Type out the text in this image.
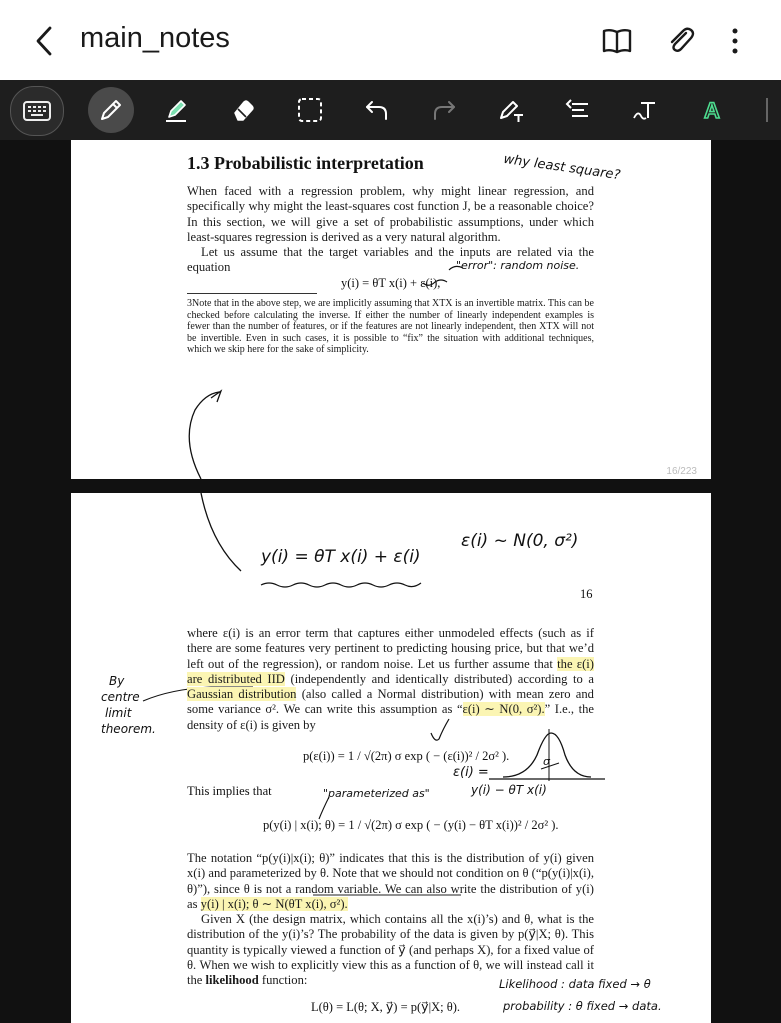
main_notes
A
1.3 Probabilistic interpretation

When faced with a regression problem, why might linear regression, and specifically why might the least-squares cost function J, be a reasonable choice? In this section, we will give a set of probabilistic assumptions, under which least-squares regression is derived as a very natural algorithm.

Let us assume that the target variables and the inputs are related via the equation

y(i) = θT x(i) + ε(i),
3Note that in the above step, we are implicitly assuming that XTX is an invertible matrix. This can be checked before calculating the inverse. If either the number of linearly independent examples is fewer than the number of features, or if the features are not linearly independent, then XTX will not be invertible. Even in such cases, it is possible to “fix” the situation with additional techniques, which we skip here for the sake of simplicity.
16/223
why least square?
"error": random noise.
y(i) = θT x(i) + ε(i)
ε(i) ~ N(0, σ²)
16
By
centre
limit
theorem.

where ε(i) is an error term that captures either unmodeled effects (such as if there are some features very pertinent to predicting housing price, but that we’d left out of the regression), or random noise. Let us further assume that the ε(i) are distributed IID (independently and identically distributed) according to a Gaussian distribution (also called a Normal distribution) with mean zero and some variance σ². We can write this assumption as “ε(i) ∼ N(0, σ²).” I.e., the density of ε(i) is given by

p(ε(i)) = 1 / √(2π) σ exp ( − (ε(i))² / 2σ² ).
ε(i) =
y(i) − θT x(i)
σ
This implies that	"parameterized as"
p(y(i) | x(i); θ) = 1 / √(2π) σ exp ( − (y(i) − θT x(i))² / 2σ² ).

The notation “p(y(i)|x(i); θ)” indicates that this is the distribution of y(i) given x(i) and parameterized by θ. Note that we should not condition on θ (“p(y(i)|x(i), θ)”), since θ is not a random variable. We can also write the distribution of y(i) as y(i) | x(i); θ ∼ N(θT x(i), σ²).

Given X (the design matrix, which contains all the x(i)’s) and θ, what is the distribution of the y(i)’s? The probability of the data is given by p(y⃗|X; θ). This quantity is typically viewed a function of y⃗ (and perhaps X), for a fixed value of θ. When we wish to explicitly view this as a function of θ, we will instead call it the likelihood function:

L(θ) = L(θ; X, y⃗) = p(y⃗|X; θ).
Likelihood : data fixed → θ
probability : θ fixed → data.
